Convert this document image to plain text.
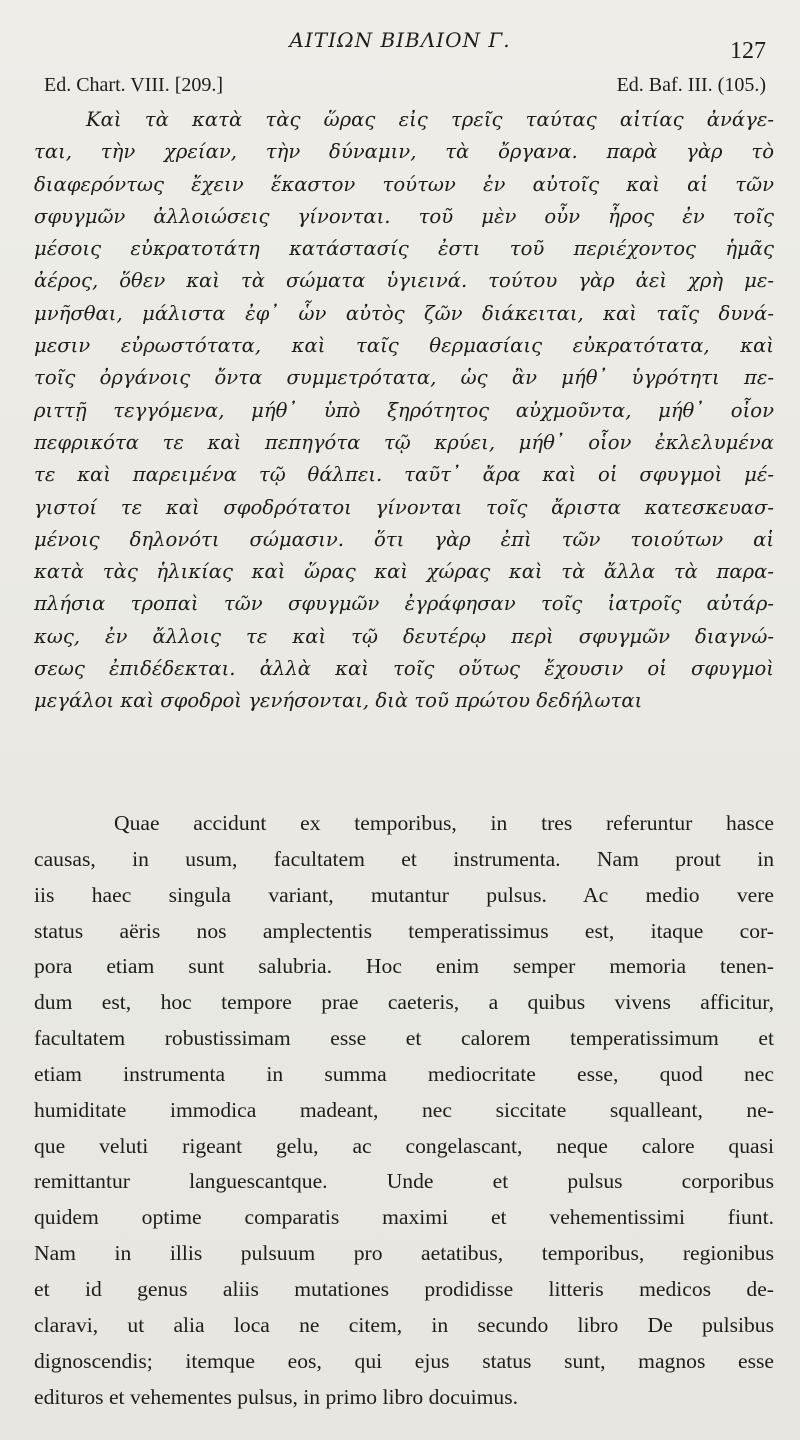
ΑΙΤΙΩΝ ΒΙΒΛΙΟΝ Γ.	127
Ed. Chart. VIII. [209.]	Ed. Baf. III. (105.)
Καὶ τὰ κατὰ τὰς ὥρας εἰς τρεῖς ταύτας αἰτίας ἀνάγε-
ται, τὴν χρείαν, τὴν δύναμιν, τὰ ὄργανα. παρὰ γὰρ τὸ
διαφερόντως ἔχειν ἕκαστον τούτων ἐν αὐτοῖς καὶ αἱ τῶν
σφυγμῶν ἀλλοιώσεις γίνονται. τοῦ μὲν οὖν ἦρος ἐν τοῖς
μέσοις εὐκρατοτάτη κατάστασίς ἐστι τοῦ περιέχοντος ἡμᾶς
ἀέρος, ὅθεν καὶ τὰ σώματα ὑγιεινά. τούτου γὰρ ἀεὶ χρὴ με-
μνῆσθαι, μάλιστα ἐφ᾽ ὧν αὐτὸς ζῶν διάκειται, καὶ ταῖς δυνά-
μεσιν εὐρωστότατα, καὶ ταῖς θερμασίαις εὐκρατότατα, καὶ
τοῖς ὀργάνοις ὄντα συμμετρότατα, ὡς ἂν μήθ᾽ ὑγρότητι πε-
ριττῇ τεγγόμενα, μήθ᾽ ὑπὸ ξηρότητος αὐχμοῦντα, μήθ᾽ οἷον
πεφρικότα τε καὶ πεπηγότα τῷ κρύει, μήθ᾽ οἷον ἐκλελυμένα
τε καὶ παρειμένα τῷ θάλπει. ταῦτ᾽ ἄρα καὶ οἱ σφυγμοὶ μέ-
γιστοί τε καὶ σφοδρότατοι γίνονται τοῖς ἄριστα κατεσκευασ-
μένοις δηλονότι σώμασιν. ὅτι γὰρ ἐπὶ τῶν τοιούτων αἱ
κατὰ τὰς ἡλικίας καὶ ὥρας καὶ χώρας καὶ τὰ ἄλλα τὰ παρα-
πλήσια τροπαὶ τῶν σφυγμῶν ἐγράφησαν τοῖς ἰατροῖς αὐτάρ-
κως, ἐν ἄλλοις τε καὶ τῷ δευτέρῳ περὶ σφυγμῶν διαγνώ-
σεως ἐπιδέδεκται. ἀλλὰ καὶ τοῖς οὕτως ἔχουσιν οἱ σφυγμοὶ
μεγάλοι καὶ σφοδροὶ γενήσονται, διὰ τοῦ πρώτου δεδήλωται
Quae accidunt ex temporibus, in tres referuntur hasce
causas, in usum, facultatem et instrumenta. Nam prout in
iis haec singula variant, mutantur pulsus. Ac medio vere
status aëris nos amplectentis temperatissimus est, itaque cor-
pora etiam sunt salubria. Hoc enim semper memoria tenen-
dum est, hoc tempore prae caeteris, a quibus vivens afficitur,
facultatem robustissimam esse et calorem temperatissimum et
etiam instrumenta in summa mediocritate esse, quod nec
humiditate immodica madeant, nec siccitate squalleant, ne-
que veluti rigeant gelu, ac congelascant, neque calore quasi
remittantur languescantque. Unde et pulsus corporibus
quidem optime comparatis maximi et vehementissimi fiunt.
Nam in illis pulsuum pro aetatibus, temporibus, regionibus
et id genus aliis mutationes prodidisse litteris medicos de-
claravi, ut alia loca ne citem, in secundo libro De pulsibus
dignoscendis; itemque eos, qui ejus status sunt, magnos esse
edituros et vehementes pulsus, in primo libro docuimus.
